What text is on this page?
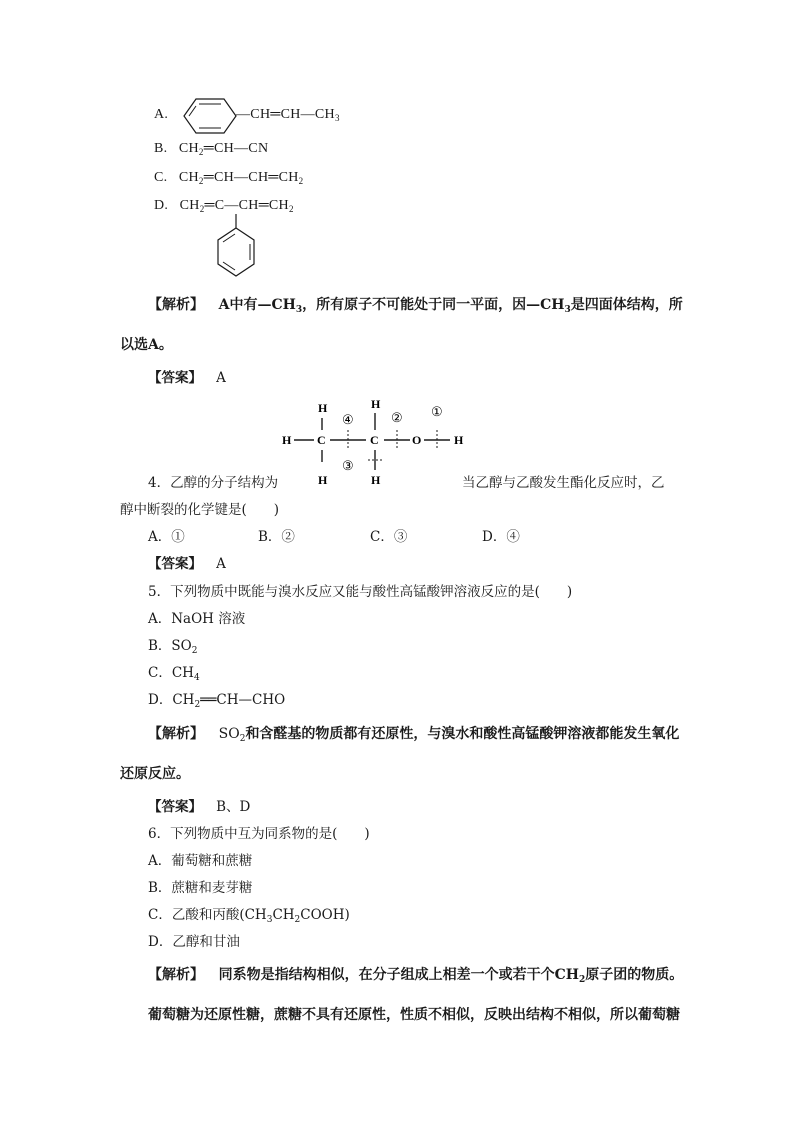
A.	$—CH═CH—CH_3$
B. $CH_2═CH—CN$
C. $CH_2═CH—CH═CH_2$
D. $CH_2═C—CH═CH_2$
【解析】 A中有$—CH_3$，所有原子不可能处于同一平面，因$—CH_3$是四面体结构，所
以选A。
【答案】 A
H
H C
H
④
③
H
C
H
②
O
①
H
4．乙醇的分子结构为	当乙醇与乙酸发生酯化反应时，乙
醇中断裂的化学键是(　　)
A．①	B．②	C．③	D．④
【答案】 A
5．下列物质中既能与溴水反应又能与酸性高锰酸钾溶液反应的是(　　)
A．NaOH 溶液
B．$SO_2$
C．$CH_4$
D．$CH_2══CH—CHO$
【解析】 $SO_2$和含醛基的物质都有还原性，与溴水和酸性高锰酸钾溶液都能发生氧化
还原反应。
【答案】 B、D
6．下列物质中互为同系物的是(　　)
A．葡萄糖和蔗糖
B．蔗糖和麦芽糖
C．乙酸和丙酸$(CH_3CH_2COOH)$
D．乙醇和甘油
【解析】 同系物是指结构相似，在分子组成上相差一个或若干个$CH_2$原子团的物质。
葡萄糖为还原性糖，蔗糖不具有还原性，性质不相似，反映出结构不相似，所以葡萄糖
